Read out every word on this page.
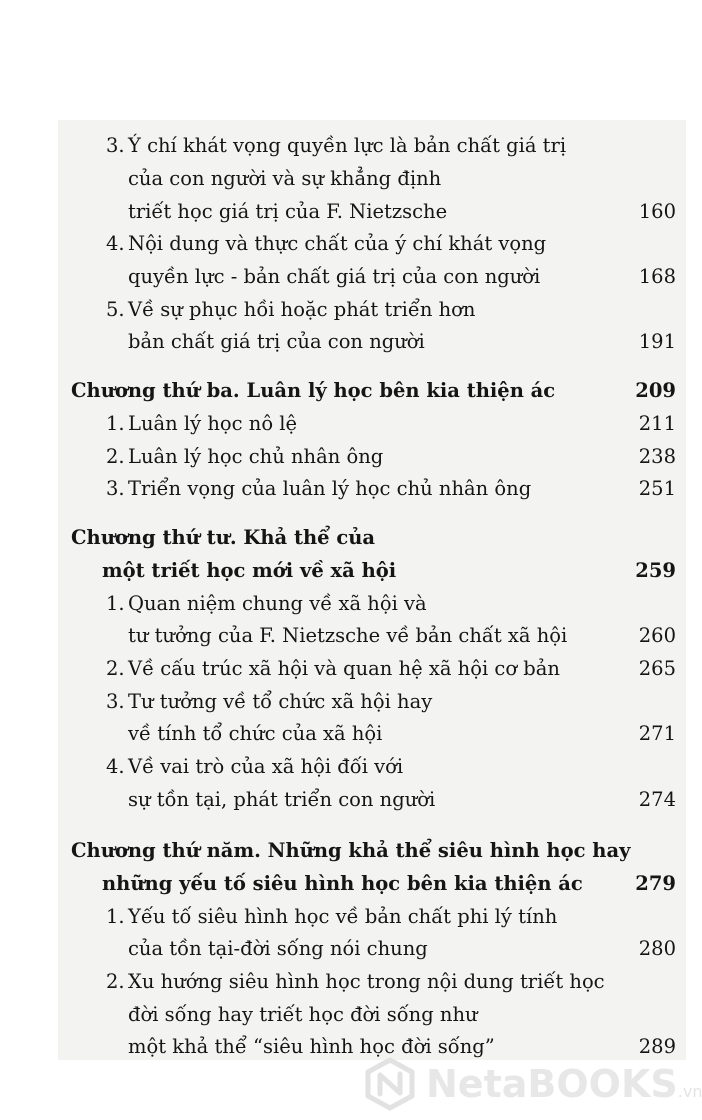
3. Ý chí khát vọng quyền lực là bản chất giá trị
của con người và sự khẳng định
triết học giá trị của F. Nietzsche	160
4. Nội dung và thực chất của ý chí khát vọng
quyền lực - bản chất giá trị của con người	168
5. Về sự phục hồi hoặc phát triển hơn
bản chất giá trị của con người	191
Chương thứ ba. Luân lý học bên kia thiện ác	209
1. Luân lý học nô lệ	211
2. Luân lý học chủ nhân ông	238
3. Triển vọng của luân lý học chủ nhân ông	251
Chương thứ tư. Khả thể của
một triết học mới về xã hội	259
1. Quan niệm chung về xã hội và
tư tưởng của F. Nietzsche về bản chất xã hội	260
2. Về cấu trúc xã hội và quan hệ xã hội cơ bản	265
3. Tư tưởng về tổ chức xã hội hay
về tính tổ chức của xã hội	271
4. Về vai trò của xã hội đối với
sự tồn tại, phát triển con người	274
Chương thứ năm. Những khả thể siêu hình học hay
những yếu tố siêu hình học bên kia thiện ác	279
1. Yếu tố siêu hình học về bản chất phi lý tính
của tồn tại-đời sống nói chung	280
2. Xu hướng siêu hình học trong nội dung triết học
đời sống hay triết học đời sống như
một khả thể “siêu hình học đời sống”	289
NetaBOOKS.vn
